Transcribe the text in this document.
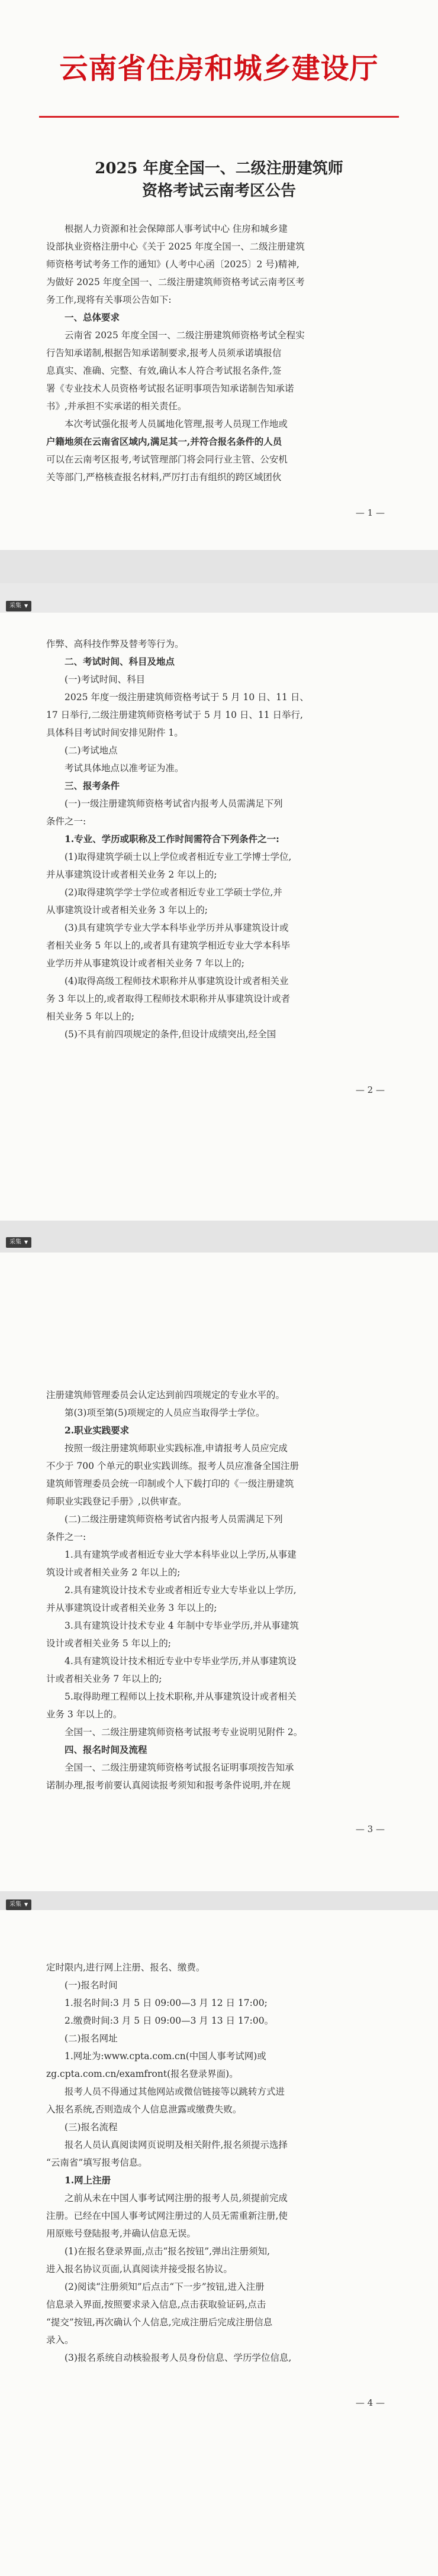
云南省住房和城乡建设厅
2025 年度全国一、二级注册建筑师
资格考试云南考区公告
根据人力资源和社会保障部人事考试中心 住房和城乡建
设部执业资格注册中心《关于 2025 年度全国一、二级注册建筑
师资格考试考务工作的通知》(人考中心函〔2025〕2 号)精神,
为做好 2025 年度全国一、二级注册建筑师资格考试云南考区考
务工作,现将有关事项公告如下:
一、总体要求
云南省 2025 年度全国一、二级注册建筑师资格考试全程实
行告知承诺制,根据告知承诺制要求,报考人员须承诺填报信
息真实、准确、完整、有效,确认本人符合考试报名条件,签
署《专业技术人员资格考试报名证明事项告知承诺制告知承诺
书》,并承担不实承诺的相关责任。
本次考试强化报考人员属地化管理,报考人员现工作地或
户籍地须在云南省区域内,满足其一,并符合报名条件的人员
可以在云南考区报考,考试管理部门将会同行业主管、公安机
关等部门,严格核查报名材料,严厉打击有组织的跨区域团伙
— 1 —
采集 ▼
作弊、高科技作弊及替考等行为。
二、考试时间、科目及地点
(一)考试时间、科目
2025 年度一级注册建筑师资格考试于 5 月 10 日、11 日、
17 日举行,二级注册建筑师资格考试于 5 月 10 日、11 日举行,
具体科目考试时间安排见附件 1。
(二)考试地点
考试具体地点以准考证为准。
三、报考条件
(一)一级注册建筑师资格考试省内报考人员需满足下列
条件之一:
1.专业、学历或职称及工作时间需符合下列条件之一:
(1)取得建筑学硕士以上学位或者相近专业工学博士学位,
并从事建筑设计或者相关业务 2 年以上的;
(2)取得建筑学学士学位或者相近专业工学硕士学位,并
从事建筑设计或者相关业务 3 年以上的;
(3)具有建筑学专业大学本科毕业学历并从事建筑设计或
者相关业务 5 年以上的,或者具有建筑学相近专业大学本科毕
业学历并从事建筑设计或者相关业务 7 年以上的;
(4)取得高级工程师技术职称并从事建筑设计或者相关业
务 3 年以上的,或者取得工程师技术职称并从事建筑设计或者
相关业务 5 年以上的;
(5)不具有前四项规定的条件,但设计成绩突出,经全国
— 2 —
采集 ▼
注册建筑师管理委员会认定达到前四项规定的专业水平的。
第(3)项至第(5)项规定的人员应当取得学士学位。
2.职业实践要求
按照一级注册建筑师职业实践标准,申请报考人员应完成
不少于 700 个单元的职业实践训练。报考人员应准备全国注册
建筑师管理委员会统一印制或个人下载打印的《一级注册建筑
师职业实践登记手册》,以供审查。
(二)二级注册建筑师资格考试省内报考人员需满足下列
条件之一:
1.具有建筑学或者相近专业大学本科毕业以上学历,从事建
筑设计或者相关业务 2 年以上的;
2.具有建筑设计技术专业或者相近专业大专毕业以上学历,
并从事建筑设计或者相关业务 3 年以上的;
3.具有建筑设计技术专业 4 年制中专毕业学历,并从事建筑
设计或者相关业务 5 年以上的;
4.具有建筑设计技术相近专业中专毕业学历,并从事建筑设
计或者相关业务 7 年以上的;
5.取得助理工程师以上技术职称,并从事建筑设计或者相关
业务 3 年以上的。
全国一、二级注册建筑师资格考试报考专业说明见附件 2。
四、报名时间及流程
全国一、二级注册建筑师资格考试报名证明事项按告知承
诺制办理,报考前要认真阅读报考须知和报考条件说明,并在规
— 3 —
采集 ▼
定时限内,进行网上注册、报名、缴费。
(一)报名时间
1.报名时间:3 月 5 日 09:00—3 月 12 日 17:00;
2.缴费时间:3 月 5 日 09:00—3 月 13 日 17:00。
(二)报名网址
1.网址为:www.cpta.com.cn(中国人事考试网)或
zg.cpta.com.cn/examfront(报名登录界面)。
报考人员不得通过其他网站或微信链接等以跳转方式进
入报名系统,否则造成个人信息泄露或缴费失败。
(三)报名流程
报名人员认真阅读网页说明及相关附件,报名须提示选择
“云南省”填写报考信息。
1.网上注册
之前从未在中国人事考试网注册的报考人员,须提前完成
注册。已经在中国人事考试网注册过的人员无需重新注册,使
用原账号登陆报考,并确认信息无误。
(1)在报名登录界面,点击“报名按钮”,弹出注册须知,
进入报名协议页面,认真阅读并接受报名协议。
(2)阅读“注册须知”后点击“下一步”按钮,进入注册
信息录入界面,按照要求录入信息,点击获取验证码,点击
“提交”按钮,再次确认个人信息,完成注册后完成注册信息
录入。
(3)报名系统自动核验报考人员身份信息、学历学位信息,
— 4 —
